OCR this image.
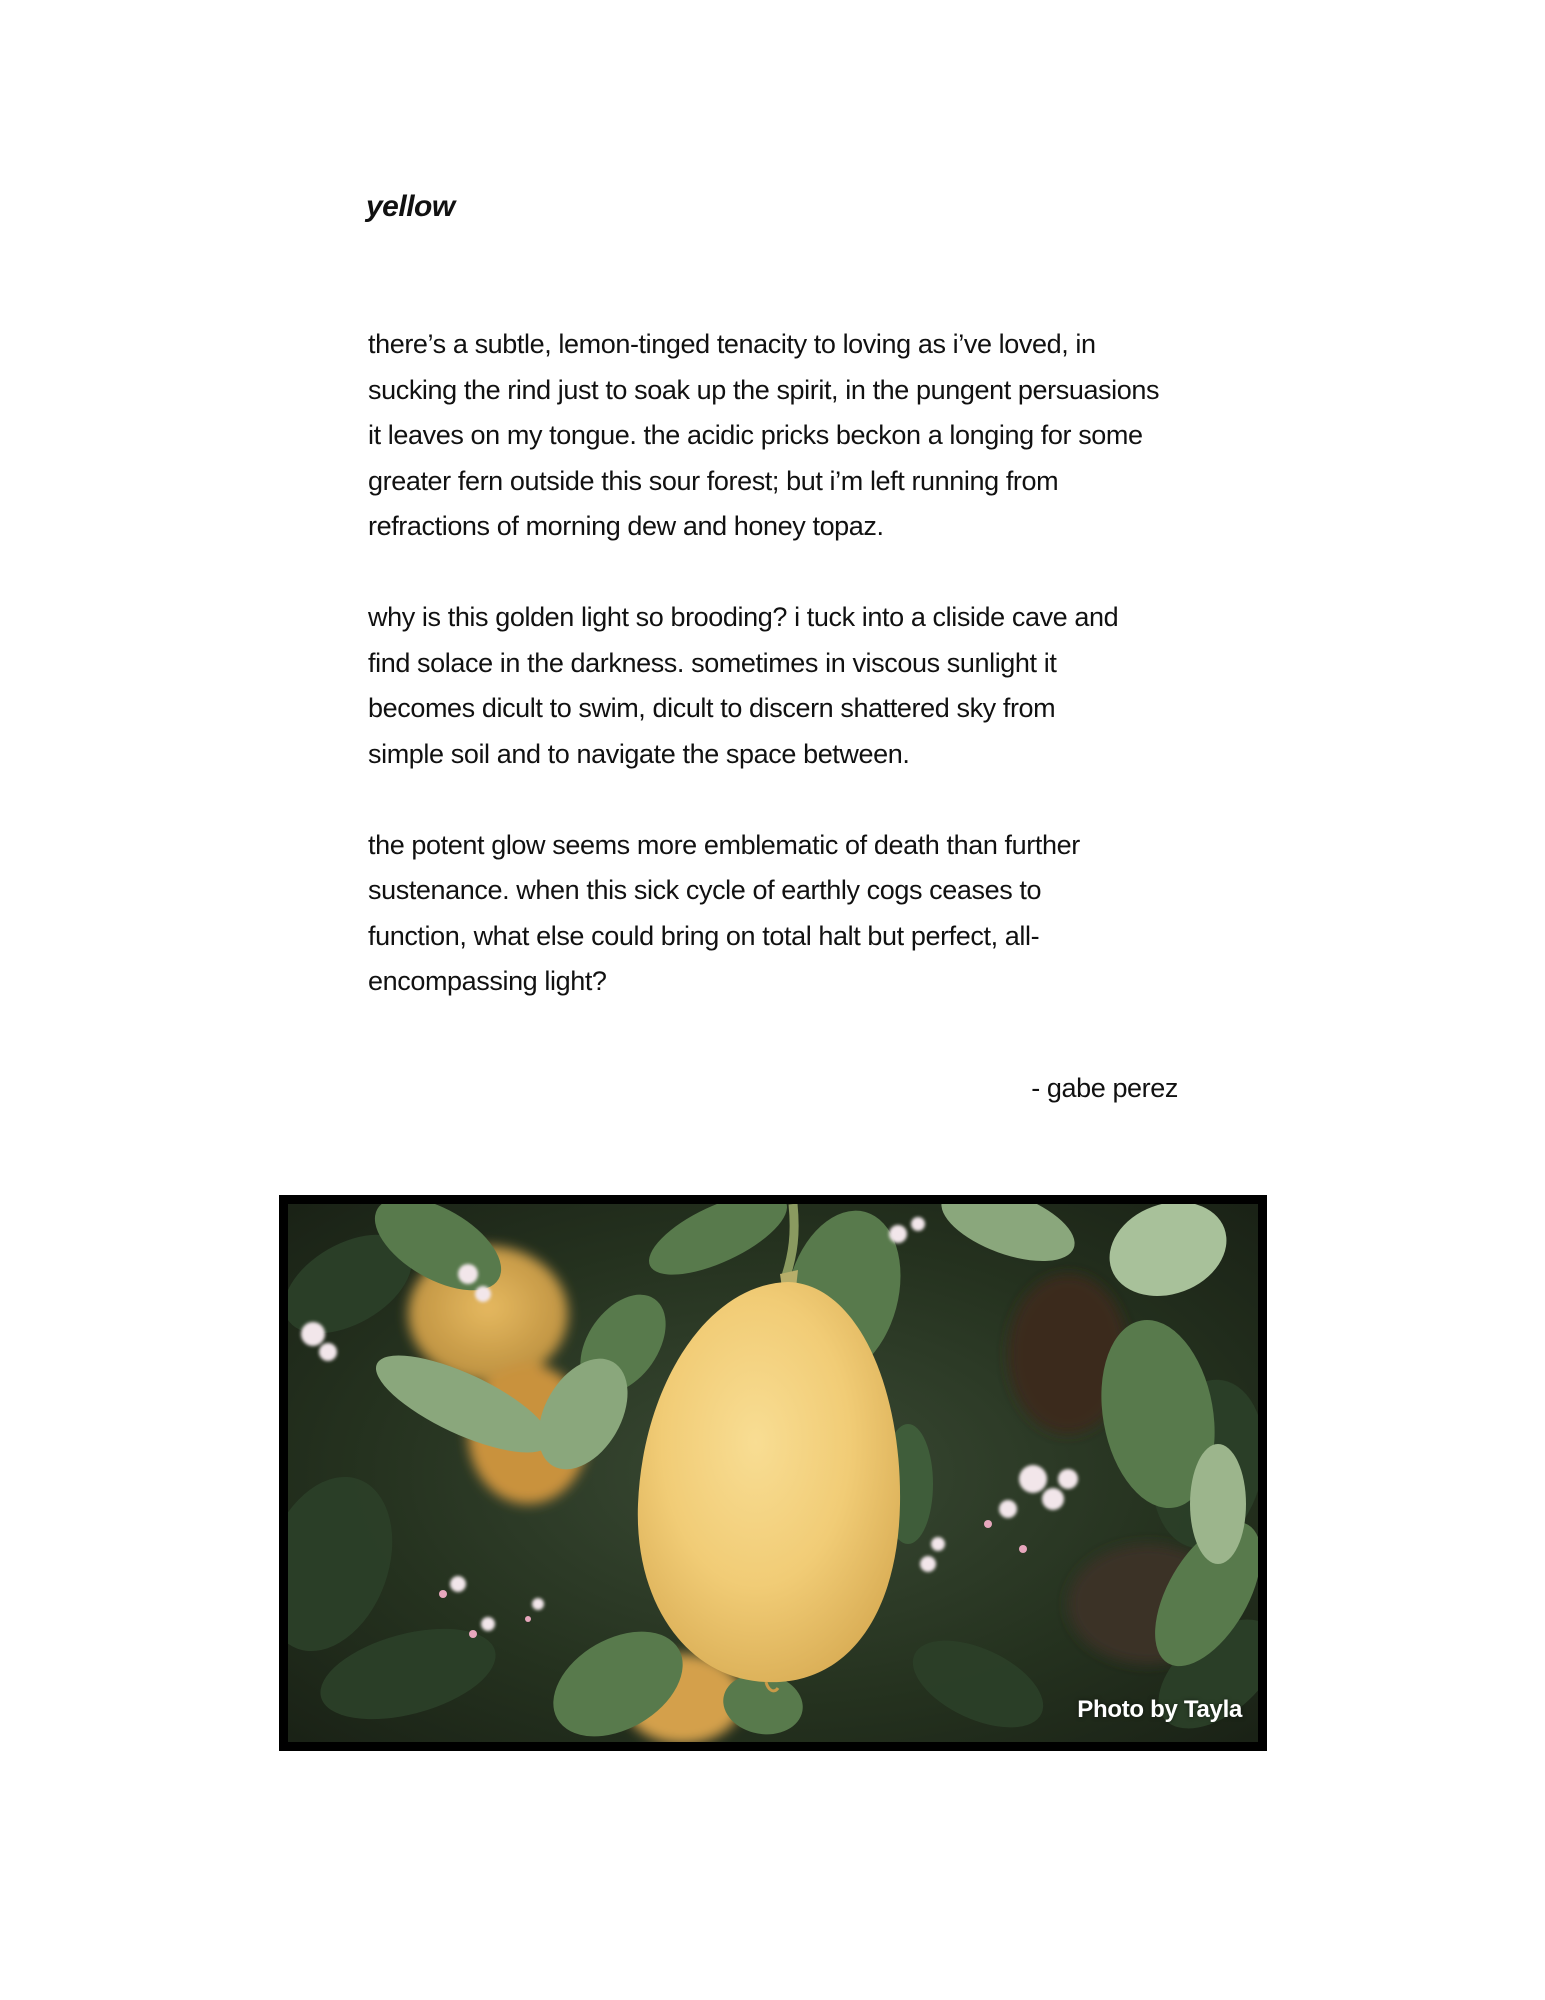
yellow

there’s a subtle, lemon-tinged tenacity to loving as i’ve loved, in
sucking the rind just to soak up the spirit, in the pungent persuasions
it leaves on my tongue. the acidic pricks beckon a longing for some
greater fern outside this sour forest; but i’m left running from
refractions of morning dew and honey topaz.

why is this golden light so brooding? i tuck into a cliside cave and
find solace in the darkness. sometimes in viscous sunlight it
becomes dicult to swim, dicult to discern shattered sky from
simple soil and to navigate the space between.

the potent glow seems more emblematic of death than further
sustenance. when this sick cycle of earthly cogs ceases to
function, what else could bring on total halt but perfect, all-
encompassing light?

- gabe perez
Photo by Tayla
